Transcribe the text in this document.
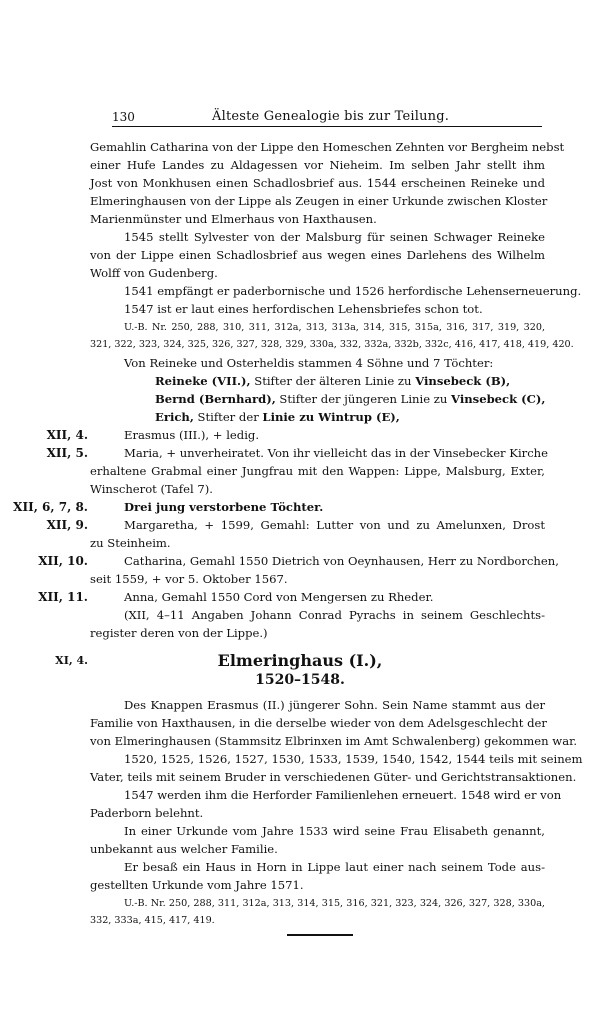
130	Älteste Genealogie bis zur Teilung.
Gemahlin Catharina von der Lippe den Homeschen Zehnten vor Bergheim nebst
einer Hufe Landes zu Aldagessen vor Nieheim. Im selben Jahr stellt ihm
Jost von Monkhusen einen Schadlosbrief aus. 1544 erscheinen Reineke und
Elmeringhausen von der Lippe als Zeugen in einer Urkunde zwischen Kloster
Marienmünster und Elmerhaus von Haxthausen.
1545 stellt Sylvester von der Malsburg für seinen Schwager Reineke
von der Lippe einen Schadlosbrief aus wegen eines Darlehens des Wilhelm
Wolff von Gudenberg.
1541 empfängt er paderbornische und 1526 herfordische Lehenserneuerung.
1547 ist er laut eines herfordischen Lehensbriefes schon tot.
U.-B. Nr. 250, 288, 310, 311, 312a, 313, 313a, 314, 315, 315a, 316, 317, 319, 320,
321, 322, 323, 324, 325, 326, 327, 328, 329, 330a, 332, 332a, 332b, 332c, 416, 417, 418, 419, 420.
Von Reineke und Osterheldis stammen 4 Söhne und 7 Töchter:
Reineke (VII.), Stifter der älteren Linie zu Vinsebeck (B),
Bernd (Bernhard), Stifter der jüngeren Linie zu Vinsebeck (C),
Erich, Stifter der Linie zu Wintrup (E),
XII, 4.	Erasmus (III.), + ledig.
XII, 5.	Maria, + unverheiratet. Von ihr vielleicht das in der Vinsebecker Kirche
erhaltene Grabmal einer Jungfrau mit den Wappen: Lippe, Malsburg, Exter,
Winscherot (Tafel 7).
XII, 6, 7, 8.	Drei jung verstorbene Töchter.
XII, 9.	Margaretha, + 1599, Gemahl: Lutter von und zu Amelunxen, Drost
zu Steinheim.
XII, 10.	Catharina, Gemahl 1550 Dietrich von Oeynhausen, Herr zu Nordborchen,
seit 1559, + vor 5. Oktober 1567.
XII, 11.	Anna, Gemahl 1550 Cord von Mengersen zu Rheder.
(XII, 4–11 Angaben Johann Conrad Pyrachs in seinem Geschlechts-
register deren von der Lippe.)
XI, 4.	Elmeringhaus (I.),
1520–1548.
Des Knappen Erasmus (II.) jüngerer Sohn. Sein Name stammt aus der
Familie von Haxthausen, in die derselbe wieder von dem Adelsgeschlecht der
von Elmeringhausen (Stammsitz Elbrinxen im Amt Schwalenberg) gekommen war.
1520, 1525, 1526, 1527, 1530, 1533, 1539, 1540, 1542, 1544 teils mit seinem
Vater, teils mit seinem Bruder in verschiedenen Güter- und Gerichtstransaktionen.
1547 werden ihm die Herforder Familienlehen erneuert. 1548 wird er von
Paderborn belehnt.
In einer Urkunde vom Jahre 1533 wird seine Frau Elisabeth genannt,
unbekannt aus welcher Familie.
Er besaß ein Haus in Horn in Lippe laut einer nach seinem Tode aus-
gestellten Urkunde vom Jahre 1571.
U.-B. Nr. 250, 288, 311, 312a, 313, 314, 315, 316, 321, 323, 324, 326, 327, 328, 330a,
332, 333a, 415, 417, 419.
